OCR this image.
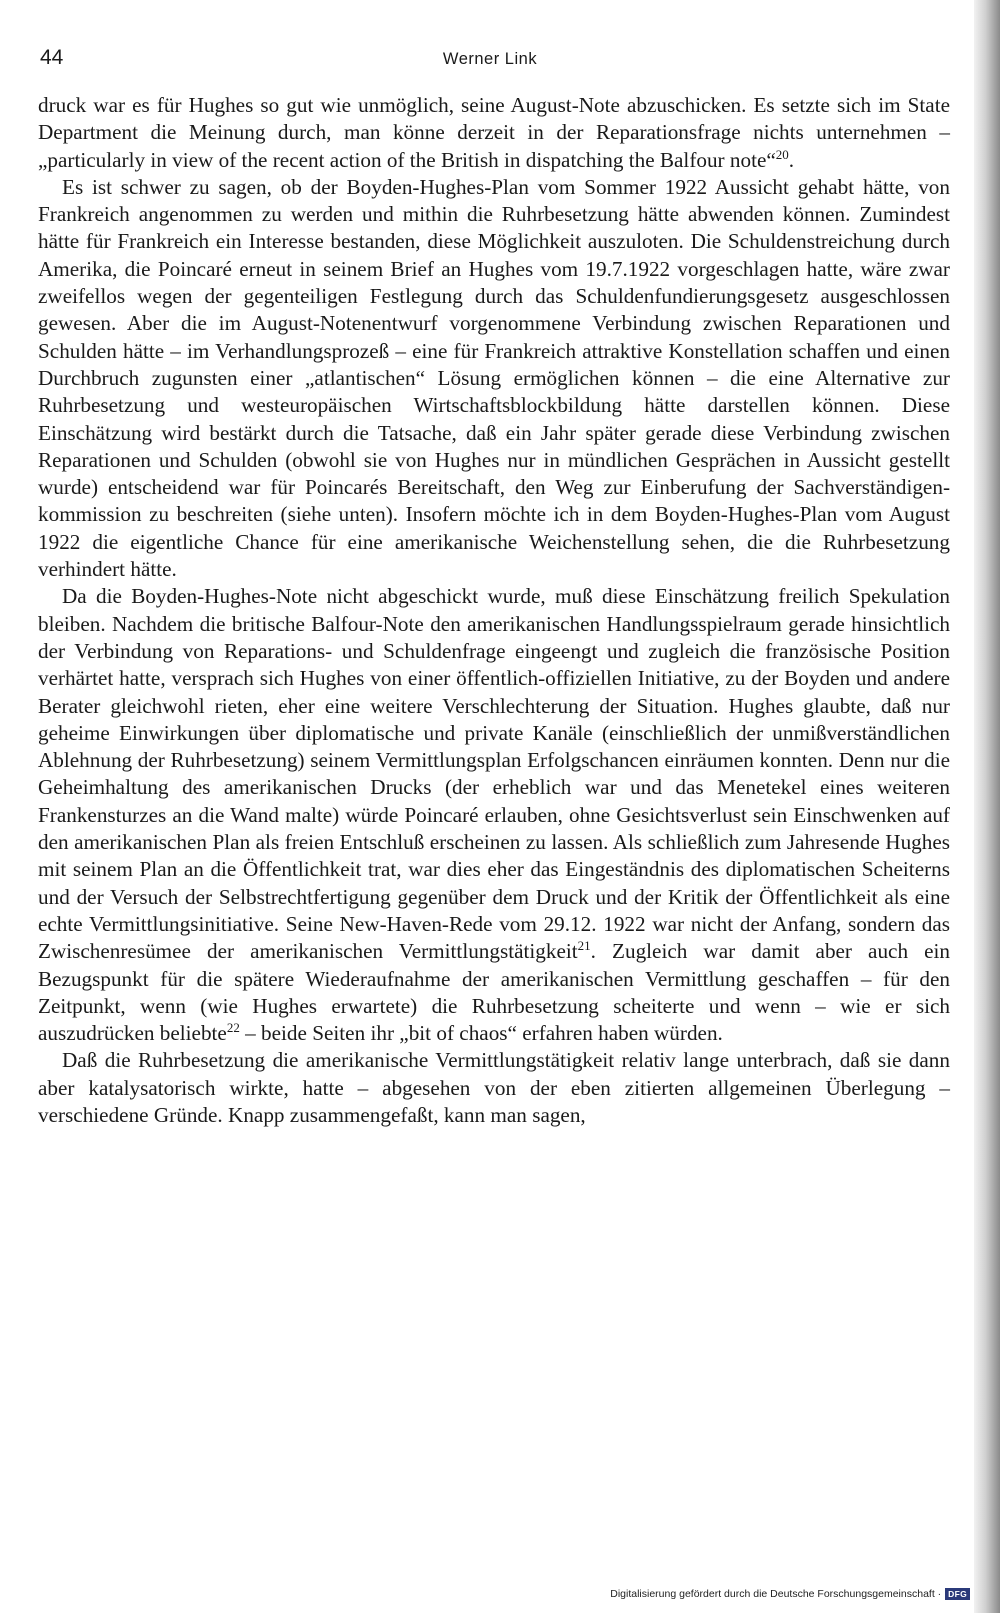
44	Werner Link

druck war es für Hughes so gut wie unmöglich, seine August-Note abzuschicken. Es setzte sich im State Department die Meinung durch, man könne derzeit in der Reparationsfrage nichts unternehmen – „particularly in view of the recent action of the British in dispatching the Balfour note“$^{20}$.

Es ist schwer zu sagen, ob der Boyden-Hughes-Plan vom Sommer 1922 Aussicht gehabt hätte, von Frankreich angenommen zu werden und mithin die Ruhrbesetzung hätte abwenden können. Zumindest hätte für Frankreich ein Interesse bestanden, diese Möglichkeit auszuloten. Die Schuldenstreichung durch Amerika, die Poincaré erneut in seinem Brief an Hughes vom 19.7.1922 vorgeschlagen hatte, wäre zwar zweifellos wegen der gegenteiligen Festlegung durch das Schuldenfundierungsgesetz ausgeschlossen gewesen. Aber die im August-Notenentwurf vorgenommene Verbindung zwischen Reparationen und Schulden hätte – im Verhandlungsprozeß – eine für Frankreich attraktive Konstellation schaffen und einen Durchbruch zugunsten einer „atlantischen“ Lösung ermöglichen können – die eine Alternative zur Ruhrbesetzung und westeuropäischen Wirtschaftsblockbildung hätte darstellen können. Diese Einschätzung wird bestärkt durch die Tatsache, daß ein Jahr später gerade diese Verbindung zwischen Reparationen und Schulden (obwohl sie von Hughes nur in mündlichen Gesprächen in Aussicht gestellt wurde) entscheidend war für Poincarés Bereitschaft, den Weg zur Einberufung der Sachverständigenkommission zu beschreiten (siehe unten). Insofern möchte ich in dem Boyden-Hughes-Plan vom August 1922 die eigentliche Chance für eine amerikanische Weichenstellung sehen, die die Ruhrbesetzung verhindert hätte.

Da die Boyden-Hughes-Note nicht abgeschickt wurde, muß diese Einschätzung freilich Spekulation bleiben. Nachdem die britische Balfour-Note den amerikanischen Handlungsspielraum gerade hinsichtlich der Verbindung von Reparations- und Schuldenfrage eingeengt und zugleich die französische Position verhärtet hatte, versprach sich Hughes von einer öffentlich-offiziellen Initiative, zu der Boyden und andere Berater gleichwohl rieten, eher eine weitere Verschlechterung der Situation. Hughes glaubte, daß nur geheime Einwirkungen über diplomatische und private Kanäle (einschließlich der unmißverständlichen Ablehnung der Ruhrbesetzung) seinem Vermittlungsplan Erfolgschancen einräumen konnten. Denn nur die Geheimhaltung des amerikanischen Drucks (der erheblich war und das Menetekel eines weiteren Frankensturzes an die Wand malte) würde Poincaré erlauben, ohne Gesichtsverlust sein Einschwenken auf den amerikanischen Plan als freien Entschluß erscheinen zu lassen. Als schließlich zum Jahresende Hughes mit seinem Plan an die Öffentlichkeit trat, war dies eher das Eingeständnis des diplomatischen Scheiterns und der Versuch der Selbstrechtfertigung gegenüber dem Druck und der Kritik der Öffentlichkeit als eine echte Vermittlungsinitiative. Seine New-Haven-Rede vom 29.12. 1922 war nicht der Anfang, sondern das Zwischenresümee der amerikanischen Vermittlungstätigkeit$^{21}$. Zugleich war damit aber auch ein Bezugspunkt für die spätere Wiederaufnahme der amerikanischen Vermittlung geschaffen – für den Zeitpunkt, wenn (wie Hughes erwartete) die Ruhrbesetzung scheiterte und wenn – wie er sich auszudrücken beliebte$^{22}$ – beide Seiten ihr „bit of chaos“ erfahren haben würden.

Daß die Ruhrbesetzung die amerikanische Vermittlungstätigkeit relativ lange unterbrach, daß sie dann aber katalysatorisch wirkte, hatte – abgesehen von der eben zitierten allgemeinen Überlegung – verschiedene Gründe. Knapp zusammengefaßt, kann man sagen,

Digitalisierung gefördert durch die Deutsche Forschungsgemeinschaft · DFG
